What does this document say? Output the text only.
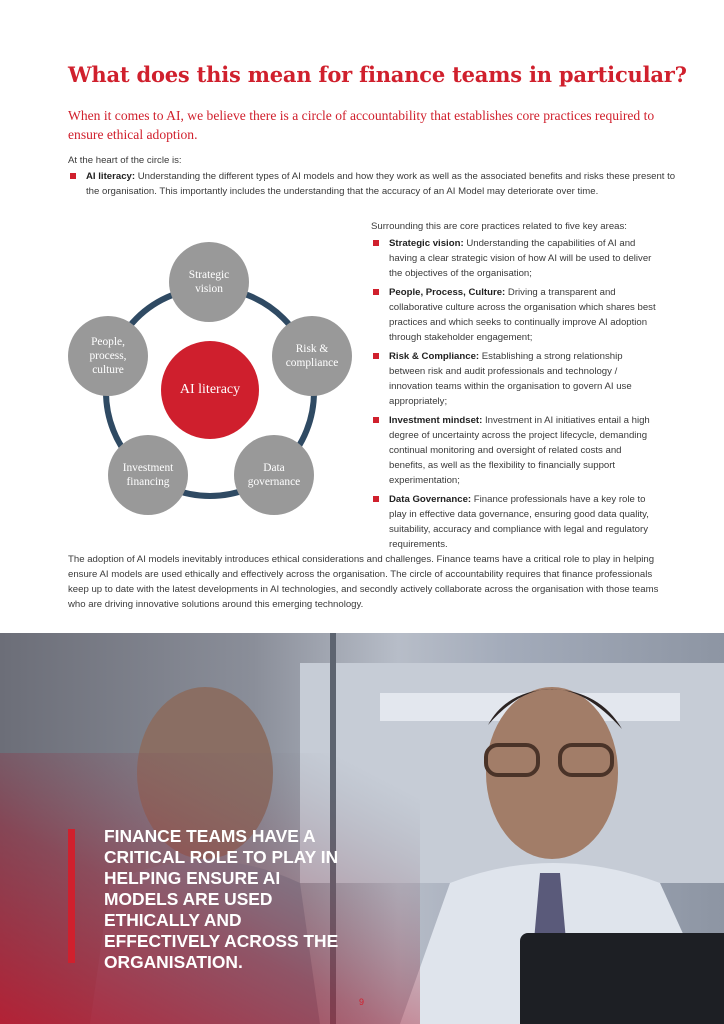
What does this mean for finance teams in particular?

When it comes to AI, we believe there is a circle of accountability that establishes core practices required to ensure ethical adoption.

At the heart of the circle is:

AI literacy: Understanding the different types of AI models and how they work as well as the associated benefits and risks these present to the organisation. This importantly includes the understanding that the accuracy of an AI Model may deteriorate over time.
Strategic vision
Risk & compliance
Data governance
Investment financing
People, process, culture
AI literacy

Surrounding this are core practices related to five key areas:

Strategic vision: Understanding the capabilities of AI and having a clear strategic vision of how AI will be used to deliver the objectives of the organisation;
People, Process, Culture: Driving a transparent and collaborative culture across the organisation which shares best practices and which seeks to continually improve AI adoption through stakeholder engagement;
Risk & Compliance: Establishing a strong relationship between risk and audit professionals and technology / innovation teams within the organisation to govern AI use appropriately;
Investment mindset: Investment in AI initiatives entail a high degree of uncertainty across the project lifecycle, demanding continual monitoring and oversight of related costs and benefits, as well as the flexibility to financially support experimentation;
Data Governance: Finance professionals have a key role to play in effective data governance, ensuring good data quality, suitability, accuracy and compliance with legal and regulatory requirements.

The adoption of AI models inevitably introduces ethical considerations and challenges. Finance teams have a critical role to play in helping ensure AI models are used ethically and effectively across the organisation. The circle of accountability requires that finance professionals keep up to date with the latest developments in AI technologies, and secondly actively collaborate across the organisation with those teams who are driving innovative solutions around this emerging technology.

FINANCE TEAMS HAVE A CRITICAL ROLE TO PLAY IN HELPING ENSURE AI MODELS ARE USED ETHICALLY AND EFFECTIVELY ACROSS THE ORGANISATION.

9
